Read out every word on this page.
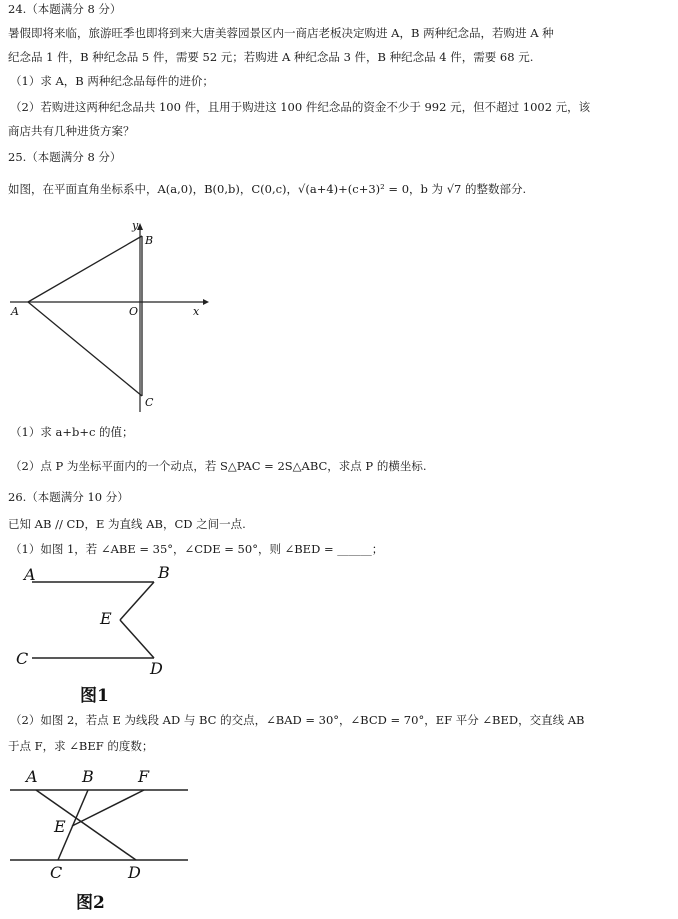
24.（本题满分 8 分）
暑假即将来临，旅游旺季也即将到来大唐美蓉园景区内一商店老板决定购进 A，B 两种纪念品，若购进 A 种
纪念品 1 件，B 种纪念品 5 件，需要 52 元；若购进 A 种纪念品 3 件，B 种纪念品 4 件，需要 68 元.
（1）求 A，B 两种纪念品每件的进价；
（2）若购进这两种纪念品共 100 件，且用于购进这 100 件纪念品的资金不少于 992 元，但不超过 1002 元，该
商店共有几种进货方案？
25.（本题满分 8 分）
如图，在平面直角坐标系中，A(a,0)，B(0,b)，C(0,c)，√(a+4)+(c+3)² = 0，b 为 √7 的整数部分.
y
B
A	O	x
C
（1）求 a+b+c 的值；
（2）点 P 为坐标平面内的一个动点，若 S△PAC = 2S△ABC，求点 P 的横坐标.
26.（本题满分 10 分）
已知 AB // CD，E 为直线 AB，CD 之间一点.
（1）如图 1，若 ∠ABE = 35°，∠CDE = 50°，则 ∠BED = ______；
A	B
E
C
D
图1
（2）如图 2，若点 E 为线段 AD 与 BC 的交点，∠BAD = 30°，∠BCD = 70°，EF 平分 ∠BED，交直线 AB
于点 F，求 ∠BEF 的度数；
A	B	F
E
C	D
图2
